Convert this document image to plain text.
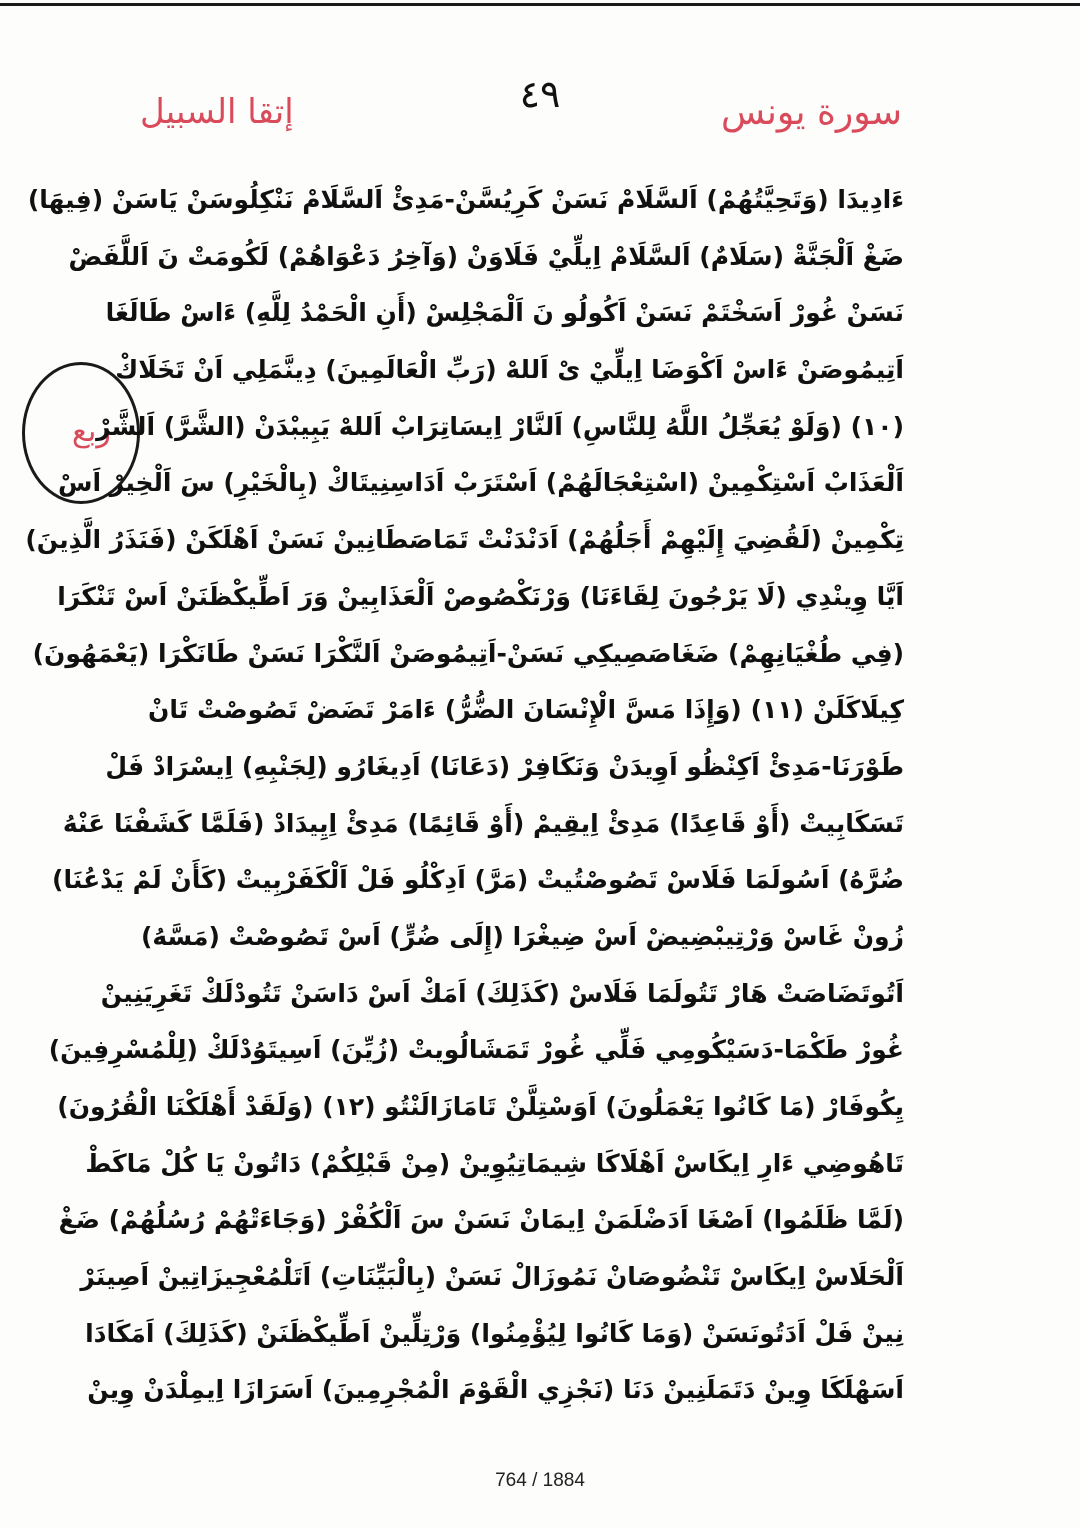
٤٩	سورة يونس
إتقا السبيل
ربع
ءَادِيدَا (وَتَحِيَّتُهُمْ) اَلسَّلَامْ نَسَنْ كَرِيُسَّنْ-مَدِئْ اَلسَّلَامْ نَنْكِلُوسَنْ يَاسَنْ (فِيهَا)
ضَغْ اَلْجَنَّةْ (سَلَامٌ) اَلسَّلَامْ اِيلِّيْ فَلَاوَنْ (وَآخِرُ دَعْوَاهُمْ) لَكُومَتْ نَ اَللَّفَضْ
نَسَنْ غُورْ اَسَخْتَمْ نَسَنْ اَكُولُو نَ اَلْمَجْلِسْ (أَنِ الْحَمْدُ لِلَّهِ) ءَاسْ طَالَغَا
اَتِيمُوصَنْ ءَاسْ اَكْوَضَا اِيلِّيْ ىْ اَللهْ (رَبِّ الْعَالَمِينَ) دِينَّمَلِي اَنْ تَخَلَاكْ
(١٠) (وَلَوْ يُعَجِّلُ اللَّهُ لِلنَّاسِ) اَلنَّارْ اِيسَاتِرَابْ اَللهْ يَبِيبْدَنْ (الشَّرَّ) اَلشَّرْ
اَلْعَذَابْ اَسْتِكْمِينْ (اسْتِعْجَالَهُمْ) اَسْتَرَبْ اَدَاسِنِيتَاكْ (بِالْخَيْرِ) سَ اَلْخِيرْ اَسْ
تِكْمِينْ (لَقُضِيَ إِلَيْهِمْ أَجَلُهُمْ) اَدَنْدَنْتْ تَمَاصَطَانِينْ نَسَنْ اَهْلَكَنْ (فَنَذَرُ الَّذِينَ)
اَيَّا وِينْدِي (لَا يَرْجُونَ لِقَاءَنَا) وَرْنَكْصُوصْ اَلْعَذَابِينْ وَرَ اَطِّيكْظَنَنْ اَسْ تَنْكَرَا
(فِي طُغْيَانِهِمْ) ضَغَاصَصِيكِي نَسَنْ-اَتِيمُوصَنْ اَلنَّكْرَا نَسَنْ طَانَكْرَا (يَعْمَهُونَ)
كِيلَاكَلَنْ (١١) (وَإِذَا مَسَّ الْإِنْسَانَ الضُّرُّ) ءَامَرْ تَضَضْ تَصُوصْتْ تَانْ
طَوْرَنَا-مَدِئْ اَكِنْظُو اَوِيدَنْ وَنَكَافِرْ (دَعَانَا) اَدِيغَارُو (لِجَنْبِهِ) اِيسْرَادْ فَلْ
تَسَكَابِيتْ (أَوْ قَاعِدًا) مَدِئْ اِيقِيمْ (أَوْ قَائِمًا) مَدِئْ اِيِيدَادْ (فَلَمَّا كَشَفْنَا عَنْهُ
ضُرَّهُ) اَسُولَمَا فَلَاسْ تَصُوصْتُيتْ (مَرَّ) اَدِكْلُو فَلْ اَلْكَفَرْبِيتْ (كَأَنْ لَمْ يَدْعُنَا)
زُونْ غَاسْ وَرْتِيبْضِيضْ اَسْ ضِيغْرَا (إِلَى ضُرٍّ) اَسْ تَصُوصْتْ (مَسَّهُ)
اَتُوتَضَاصَتْ هَارْ تَتُولَمَا فَلَاسْ (كَذَلِكَ) اَمَكْ اَسْ دَاسَنْ تَتُودْلَكْ تَغَرِيَنِينْ
غُورْ طَكْمَا-دَسَيْكُومِي فَلِّي غُورْ تَمَشَالُويتْ (زُيِّنَ) اَسِيتَوُدْلَكْ (لِلْمُسْرِفِينَ)
يِكُوفَارْ (مَا كَانُوا يَعْمَلُونَ) اَوَسْتِلَّنْ تَامَازَالَنْتُو (١٢) (وَلَقَدْ أَهْلَكْنَا الْقُرُونَ)
تَاهُوضِي ءَارِ اِيكَاسْ اَهْلَاكَا شِيمَاتِيُوِينْ (مِنْ قَبْلِكُمْ) دَاتُونْ يَا كُلْ مَاكَطْ
(لَمَّا ظَلَمُوا) اَصْغَا اَدَضْلَمَنْ اِيمَانْ نَسَنْ سَ اَلْكُفْرْ (وَجَاءَتْهُمْ رُسُلُهُمْ) ضَغْ
اَلْحَلَاسْ اِيكَاسْ تَنْضُوصَانْ نَمُوزَالْ نَسَنْ (بِالْبَيِّنَاتِ) اَتَلْمُعْجِيزَاتِينْ اَصِينَرْ
نِينْ فَلْ اَدَتُونَسَنْ (وَمَا كَانُوا لِيُؤْمِنُوا) وَرْتِلِّينْ اَطِّيكْظَنَنْ (كَذَلِكَ) اَمَكَادَا
اَسَهْلَكَا وِينْ دَتَمَلَنِينْ دَنَا (نَجْزِي الْقَوْمَ الْمُجْرِمِينَ) اَسَرَازَا اِيمِلْدَنْ وِينْ
764 / 1884
